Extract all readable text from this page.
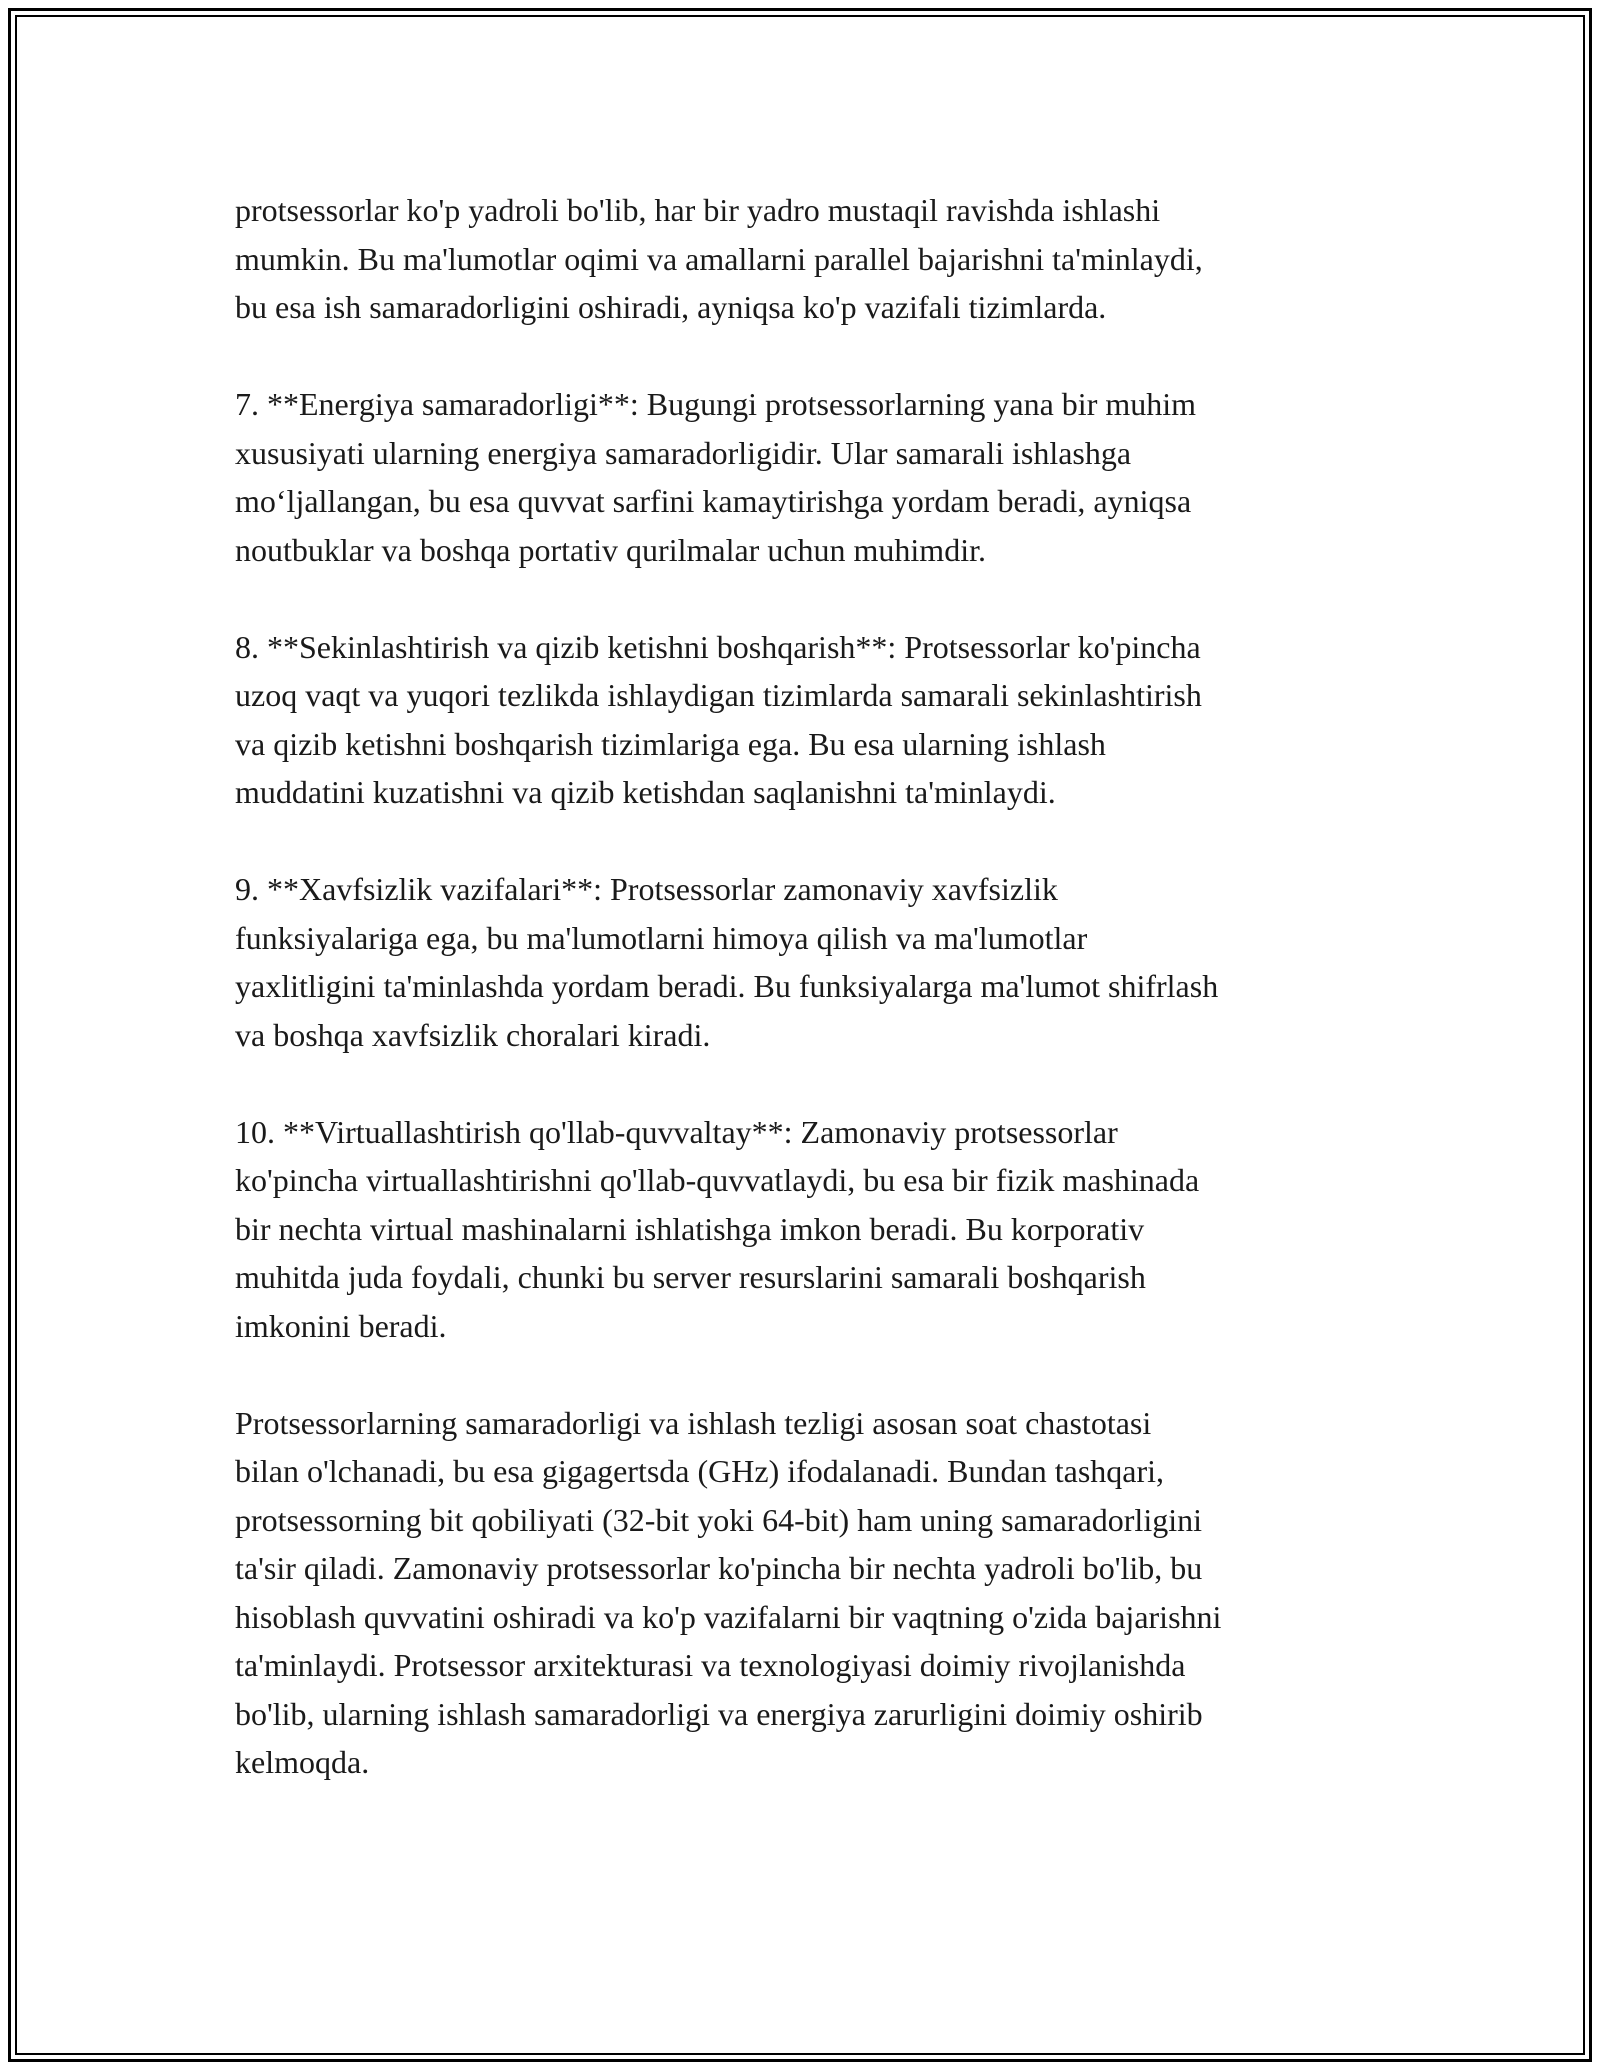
protsessorlar ko'p yadroli bo'lib, har bir yadro mustaqil ravishda ishlashi
mumkin. Bu ma'lumotlar oqimi va amallarni parallel bajarishni ta'minlaydi,
bu esa ish samaradorligini oshiradi, ayniqsa ko'p vazifali tizimlarda.

7. **Energiya samaradorligi**: Bugungi protsessorlarning yana bir muhim
xususiyati ularning energiya samaradorligidir. Ular samarali ishlashga
mo‘ljallangan, bu esa quvvat sarfini kamaytirishga yordam beradi, ayniqsa
noutbuklar va boshqa portativ qurilmalar uchun muhimdir.

8. **Sekinlashtirish va qizib ketishni boshqarish**: Protsessorlar ko'pincha
uzoq vaqt va yuqori tezlikda ishlaydigan tizimlarda samarali sekinlashtirish
va qizib ketishni boshqarish tizimlariga ega. Bu esa ularning ishlash
muddatini kuzatishni va qizib ketishdan saqlanishni ta'minlaydi.

9. **Xavfsizlik vazifalari**: Protsessorlar zamonaviy xavfsizlik
funksiyalariga ega, bu ma'lumotlarni himoya qilish va ma'lumotlar
yaxlitligini ta'minlashda yordam beradi. Bu funksiyalarga ma'lumot shifrlash
va boshqa xavfsizlik choralari kiradi.

10. **Virtuallashtirish qo'llab-quvvaltay**: Zamonaviy protsessorlar
ko'pincha virtuallashtirishni qo'llab-quvvatlaydi, bu esa bir fizik mashinada
bir nechta virtual mashinalarni ishlatishga imkon beradi. Bu korporativ
muhitda juda foydali, chunki bu server resurslarini samarali boshqarish
imkonini beradi.

Protsessorlarning samaradorligi va ishlash tezligi asosan soat chastotasi
bilan o'lchanadi, bu esa gigagertsda (GHz) ifodalanadi. Bundan tashqari,
protsessorning bit qobiliyati (32-bit yoki 64-bit) ham uning samaradorligini
ta'sir qiladi. Zamonaviy protsessorlar ko'pincha bir nechta yadroli bo'lib, bu
hisoblash quvvatini oshiradi va ko'p vazifalarni bir vaqtning o'zida bajarishni
ta'minlaydi. Protsessor arxitekturasi va texnologiyasi doimiy rivojlanishda
bo'lib, ularning ishlash samaradorligi va energiya zarurligini doimiy oshirib
kelmoqda.
